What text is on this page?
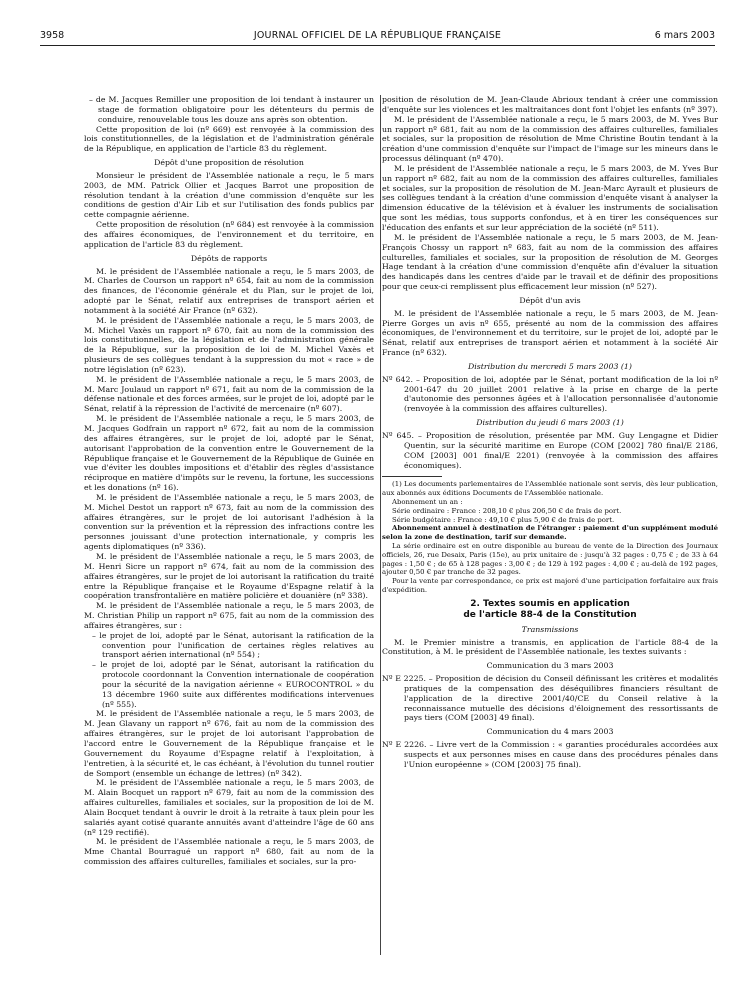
3958	JOURNAL OFFICIEL DE LA RÉPUBLIQUE FRANÇAISE	6 mars 2003

– de M. Jacques Remiller une proposition de loi tendant à instaurer un stage de formation obligatoire pour les détenteurs du permis de conduire, renouvelable tous les douze ans après son obtention.

Cette proposition de loi (nº 669) est renvoyée à la commission des lois constitutionnelles, de la législation et de l'administration générale de la République, en application de l'article 83 du règlement.

Dépôt d'une proposition de résolution

Monsieur le président de l'Assemblée nationale a reçu, le 5 mars 2003, de MM. Patrick Ollier et Jacques Barrot une proposition de résolution tendant à la création d'une commission d'enquête sur les conditions de gestion d'Air Lib et sur l'utilisation des fonds publics par cette compagnie aérienne.

Cette proposition de résolution (nº 684) est renvoyée à la commission des affaires économiques, de l'environnement et du territoire, en application de l'article 83 du règlement.

Dépôts de rapports

M. le président de l'Assemblée nationale a reçu, le 5 mars 2003, de M. Charles de Courson un rapport nº 654, fait au nom de la commission des finances, de l'économie générale et du Plan, sur le projet de loi, adopté par le Sénat, relatif aux entreprises de transport aérien et notamment à la société Air France (nº 632).

M. le président de l'Assemblée nationale a reçu, le 5 mars 2003, de M. Michel Vaxès un rapport nº 670, fait au nom de la commission des lois constitutionnelles, de la législation et de l'administration générale de la République, sur la proposition de loi de M. Michel Vaxès et plusieurs de ses collègues tendant à la suppression du mot « race » de notre législation (nº 623).

M. le président de l'Assemblée nationale a reçu, le 5 mars 2003, de M. Marc Joulaud un rapport nº 671, fait au nom de la commission de la défense nationale et des forces armées, sur le projet de loi, adopté par le Sénat, relatif à la répression de l'activité de mercenaire (nº 607).

M. le président de l'Assemblée nationale a reçu, le 5 mars 2003, de M. Jacques Godfrain un rapport nº 672, fait au nom de la commission des affaires étrangères, sur le projet de loi, adopté par le Sénat, autorisant l'approbation de la convention entre le Gouvernement de la République française et le Gouvernement de la République de Guinée en vue d'éviter les doubles impositions et d'établir des règles d'assistance réciproque en matière d'impôts sur le revenu, la fortune, les successions et les donations (nº 16).

M. le président de l'Assemblée nationale a reçu, le 5 mars 2003, de M. Michel Destot un rapport nº 673, fait au nom de la commission des affaires étrangères, sur le projet de loi autorisant l'adhésion à la convention sur la prévention et la répression des infractions contre les personnes jouissant d'une protection internationale, y compris les agents diplomatiques (nº 336).

M. le président de l'Assemblée nationale a reçu, le 5 mars 2003, de M. Henri Sicre un rapport nº 674, fait au nom de la commission des affaires étrangères, sur le projet de loi autorisant la ratification du traité entre la République française et le Royaume d'Espagne relatif à la coopération transfrontalière en matière policière et douanière (nº 338).

M. le président de l'Assemblée nationale a reçu, le 5 mars 2003, de M. Christian Philip un rapport nº 675, fait au nom de la commission des affaires étrangères, sur :

– le projet de loi, adopté par le Sénat, autorisant la ratification de la convention pour l'unification de certaines règles relatives au transport aérien international (nº 554) ;

– le projet de loi, adopté par le Sénat, autorisant la ratification du protocole coordonnant la Convention internationale de coopération pour la sécurité de la navigation aérienne « EUROCONTROL » du 13 décembre 1960 suite aux différentes modifications intervenues (nº 555).

M. le président de l'Assemblée nationale a reçu, le 5 mars 2003, de M. Jean Glavany un rapport nº 676, fait au nom de la commission des affaires étrangères, sur le projet de loi autorisant l'approbation de l'accord entre le Gouvernement de la République française et le Gouvernement du Royaume d'Espagne relatif à l'exploitation, à l'entretien, à la sécurité et, le cas échéant, à l'évolution du tunnel routier de Somport (ensemble un échange de lettres) (nº 342).

M. le président de l'Assemblée nationale a reçu, le 5 mars 2003, de M. Alain Bocquet un rapport nº 679, fait au nom de la commission des affaires culturelles, familiales et sociales, sur la proposition de loi de M. Alain Bocquet tendant à ouvrir le droit à la retraite à taux plein pour les salariés ayant cotisé quarante annuités avant d'atteindre l'âge de 60 ans (nº 129 rectifié).

M. le président de l'Assemblée nationale a reçu, le 5 mars 2003, de Mme Chantal Bourragué un rapport nº 680, fait au nom de la commission des affaires culturelles, familiales et sociales, sur la pro-

position de résolution de M. Jean-Claude Abrioux tendant à créer une commission d'enquête sur les violences et les maltraitances dont font l'objet les enfants (nº 397).

M. le président de l'Assemblée nationale a reçu, le 5 mars 2003, de M. Yves Bur un rapport nº 681, fait au nom de la commission des affaires culturelles, familiales et sociales, sur la proposition de résolution de Mme Christine Boutin tendant à la création d'une commission d'enquête sur l'impact de l'image sur les mineurs dans le processus délinquant (nº 470).

M. le président de l'Assemblée nationale a reçu, le 5 mars 2003, de M. Yves Bur un rapport nº 682, fait au nom de la commission des affaires culturelles, familiales et sociales, sur la proposition de résolution de M. Jean-Marc Ayrault et plusieurs de ses collègues tendant à la création d'une commission d'enquête visant à analyser la dimension éducative de la télévision et à évaluer les instruments de socialisation que sont les médias, tous supports confondus, et à en tirer les conséquences sur l'éducation des enfants et sur leur appréciation de la société (nº 511).

M. le président de l'Assemblée nationale a reçu, le 5 mars 2003, de M. Jean-François Chossy un rapport nº 683, fait au nom de la commission des affaires culturelles, familiales et sociales, sur la proposition de résolution de M. Georges Hage tendant à la création d'une commission d'enquête afin d'évaluer la situation des handicapés dans les centres d'aide par le travail et de définir des propositions pour que ceux-ci remplissent plus efficacement leur mission (nº 527).

Dépôt d'un avis

M. le président de l'Assemblée nationale a reçu, le 5 mars 2003, de M. Jean-Pierre Gorges un avis nº 655, présenté au nom de la commission des affaires économiques, de l'environnement et du territoire, sur le projet de loi, adopté par le Sénat, relatif aux entreprises de transport aérien et notamment à la société Air France (nº 632).

Distribution du mercredi 5 mars 2003 (1)

Nº 642. – Proposition de loi, adoptée par le Sénat, portant modification de la loi nº 2001-647 du 20 juillet 2001 relative à la prise en charge de la perte d'autonomie des personnes âgées et à l'allocation personnalisée d'autonomie (renvoyée à la commission des affaires culturelles).

Distribution du jeudi 6 mars 2003 (1)

Nº 645. – Proposition de résolution, présentée par MM. Guy Lengagne et Didier Quentin, sur la sécurité maritime en Europe (COM [2002] 780 final/E 2186, COM [2003] 001 final/E 2201) (renvoyée à la commission des affaires économiques).

(1) Les documents parlementaires de l'Assemblée nationale sont servis, dès leur publication, aux abonnés aux éditions Documents de l'Assemblée nationale.

Abonnement un an :

Série ordinaire : France : 208,10 € plus 206,50 € de frais de port.

Série budgétaire : France : 49,10 € plus 5,90 € de frais de port.

Abonnement annuel à destination de l'étranger : paiement d'un supplément modulé selon la zone de destination, tarif sur demande.

La série ordinaire est en outre disponible au bureau de vente de la Direction des Journaux officiels, 26, rue Desaix, Paris (15e), au prix unitaire de : jusqu'à 32 pages : 0,75 € ; de 33 à 64 pages : 1,50 € ; de 65 à 128 pages : 3,00 € ; de 129 à 192 pages : 4,00 € ; au-delà de 192 pages, ajouter 0,50 € par tranche de 32 pages.

Pour la vente par correspondance, ce prix est majoré d'une participation forfaitaire aux frais d'expédition.

2. Textes soumis en application
de l'article 88-4 de la Constitution
Transmissions

M. le Premier ministre a transmis, en application de l'article 88-4 de la Constitution, à M. le président de l'Assemblée nationale, les textes suivants :

Communication du 3 mars 2003

Nº E 2225. – Proposition de décision du Conseil définissant les critères et modalités pratiques de la compensation des déséquilibres financiers résultant de l'application de la directive 2001/40/CE du Conseil relative à la reconnaissance mutuelle des décisions d'éloignement des ressortissants de pays tiers (COM [2003] 49 final).

Communication du 4 mars 2003

Nº E 2226. – Livre vert de la Commission : « garanties procédurales accordées aux suspects et aux personnes mises en cause dans des procédures pénales dans l'Union européenne » (COM [2003] 75 final).
